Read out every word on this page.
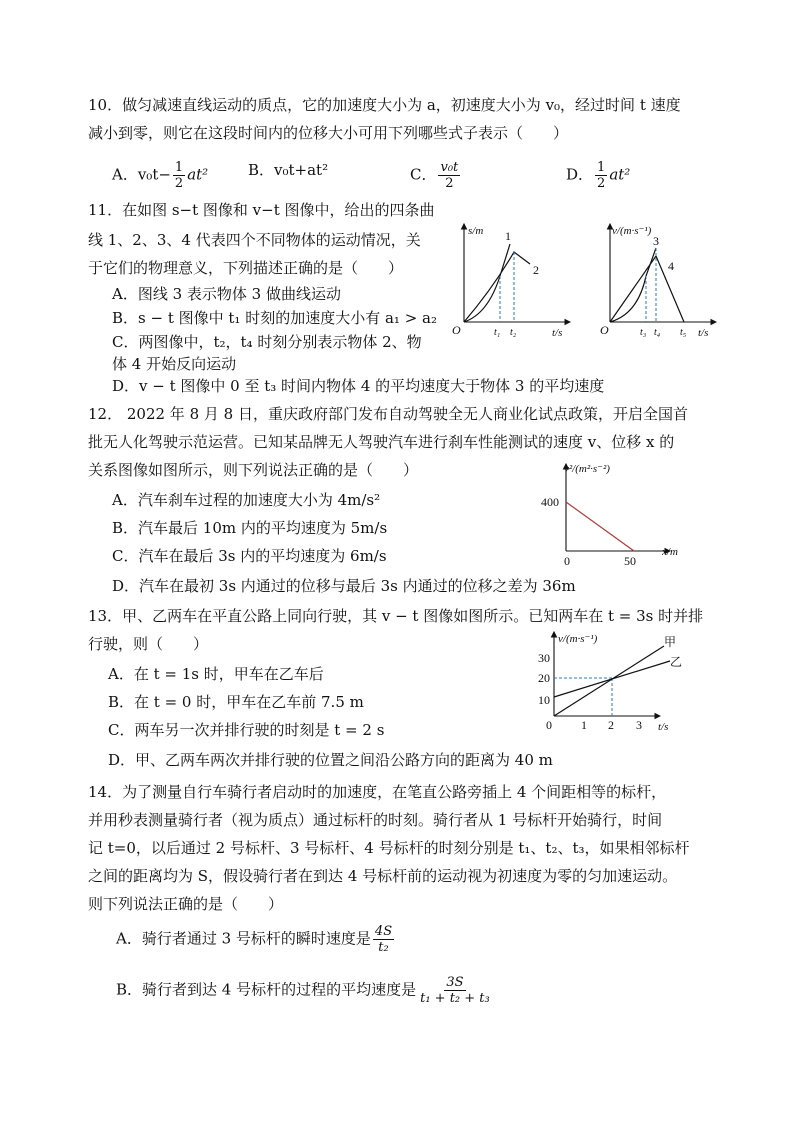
10．做匀减速直线运动的质点，它的加速度大小为 a，初速度大小为 v₀，经过时间 t 速度
减小到零，则它在这段时间内的位移大小可用下列哪些式子表示（　　）
A．$v_0t- \frac{1}{2} at^2$	B．v₀t+at²	C． $\frac{\text{v₀t}}{2}$	D． $\frac{1}{2} at^2$
11．在如图 s−t 图像和 v−t 图像中，给出的四条曲
线 1、2、3、4 代表四个不同物体的运动情况，关
于它们的物理意义，下列描述正确的是（　　）
A．图线 3 表示物体 3 做曲线运动
B．s − t 图像中 t₁ 时刻的加速度大小有 a₁ > a₂
C．两图像中，t₂，t₄ 时刻分别表示物体 2、物
体 4 开始反向运动
D．v − t 图像中 0 至 t₃ 时间内物体 4 的平均速度大于物体 3 的平均速度
s/m
O	t/s
1
2
t₁ t₂
v/(m·s⁻¹)
O	t/s
3
4
t₃ t₄ t₅
12． 2022 年 8 月 8 日，重庆政府部门发布自动驾驶全无人商业化试点政策，开启全国首
批无人化驾驶示范运营。已知某品牌无人驾驶汽车进行刹车性能测试的速度 v、位移 x 的
关系图像如图所示，则下列说法正确的是（　　）
A．汽车刹车过程的加速度大小为 4m/s²
B．汽车最后 10m 内的平均速度为 5m/s
C．汽车在最后 3s 内的平均速度为 6m/s
D．汽车在最初 3s 内通过的位移与最后 3s 内通过的位移之差为 36m
v²/(m²·s⁻²)
x/m
400
0	50
13．甲、乙两车在平直公路上同向行驶，其 v − t 图像如图所示。已知两车在 t = 3s 时并排
行驶，则（　　）
A．在 t = 1s 时，甲车在乙车后
B．在 t = 0 时，甲车在乙车前 7.5 m
C．两车另一次并排行驶的时刻是 t = 2 s
D．甲、乙两车两次并排行驶的位置之间沿公路方向的距离为 40 m
v/(m·s⁻¹)
t/s
30
20
10
0 1 2 3
甲
乙
14．为了测量自行车骑行者启动时的加速度，在笔直公路旁插上 4 个间距相等的标杆，
并用秒表测量骑行者（视为质点）通过标杆的时刻。骑行者从 1 号标杆开始骑行，时间
记 t=0，以后通过 2 号标杆、3 号标杆、4 号标杆的时刻分别是 t₁、t₂、t₃，如果相邻标杆
之间的距离均为 S，假设骑行者在到达 4 号标杆前的运动视为初速度为零的匀加速运动。
则下列说法正确的是（　　）
A．骑行者通过 3 号标杆的瞬时速度是 $\frac{4S}{\text{t₂}}$
B．骑行者到达 4 号标杆的过程的平均速度是 $\frac{3S}{\text{t₁ + t₂ + t₃}}$
